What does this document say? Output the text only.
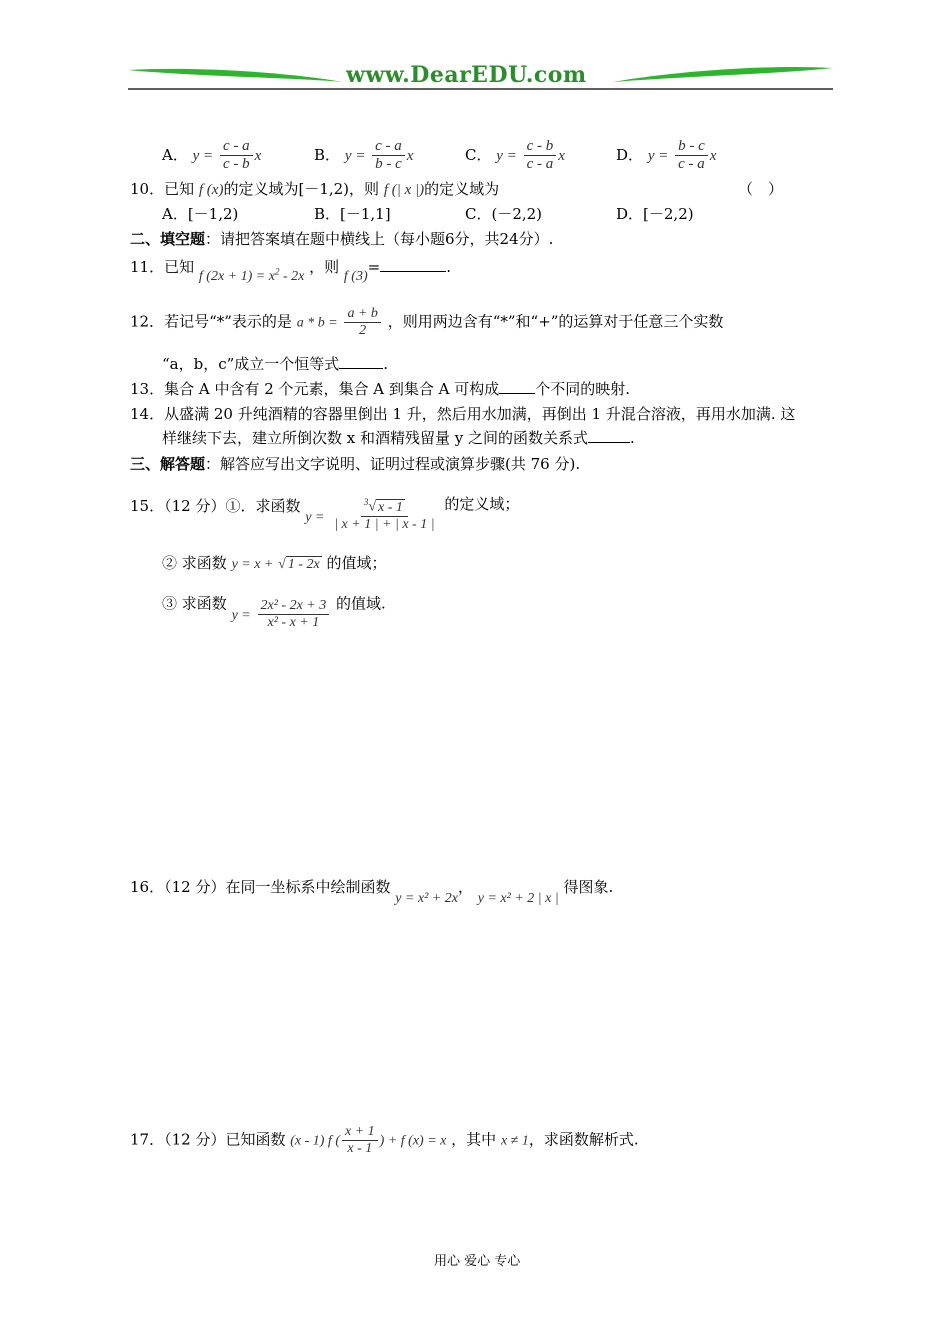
www.DearEDU.com
A． $y = \frac{c - a}{c - b}$ x	B． $y = \frac{c - a}{b - c}$ x	C． $y = \frac{c - b}{c - a}$ x	D． $y = \frac{b - c}{c - a}$ x
10．已知 f (x)的定义域为[－1,2)，则 f (| x |)的定义域为	（　）
A．[－1,2)	B．[－1,1]	C．(－2,2)	D．[－2,2)
二、填空题：请把答案填在题中横线上（每小题6分，共24分）.
11．已知 f $(2x + 1) = x^2 - 2x$ ，则 f (3)=	.
12．若记号“*”表示的是 $a * b = \frac{a + b}{2}$ ，则用两边含有“*”和“+”的运算对于任意三个实数
“a，b，c”成立一个恒等式	.
13．集合 A 中含有 2 个元素，集合 A 到集合 A 可构成 个不同的映射.
14．从盛满 20 升纯酒精的容器里倒出 1 升，然后用水加满，再倒出 1 升混合溶液，再用水加满. 这
样继续下去，建立所倒次数 x 和酒精残留量 y 之间的函数关系式	.
三、解答题：解答应写出文字说明、证明过程或演算步骤(共 76 分).
15．（12 分）①．求函数 $y = \frac{^3√ x - 1}{| x + 1 | + | x - 1 |}$ 的定义域；
② 求函数 y = x + √ 1 - 2x 的值域；
③ 求函数 $y = \frac{\text{2x² - 2x + 3}}{\text{x² - x + 1}}$ 的值域.
16．（12 分）在同一坐标系中绘制函数 y = x² + 2x， y = x² + 2 | x | 得图象.
17．（12 分）已知函数 (x - 1) f ( $\frac{x + 1}{x - 1}$ ) + f (x) = x ，其中 x ≠ 1，求函数解析式.
用心 爱心 专心
